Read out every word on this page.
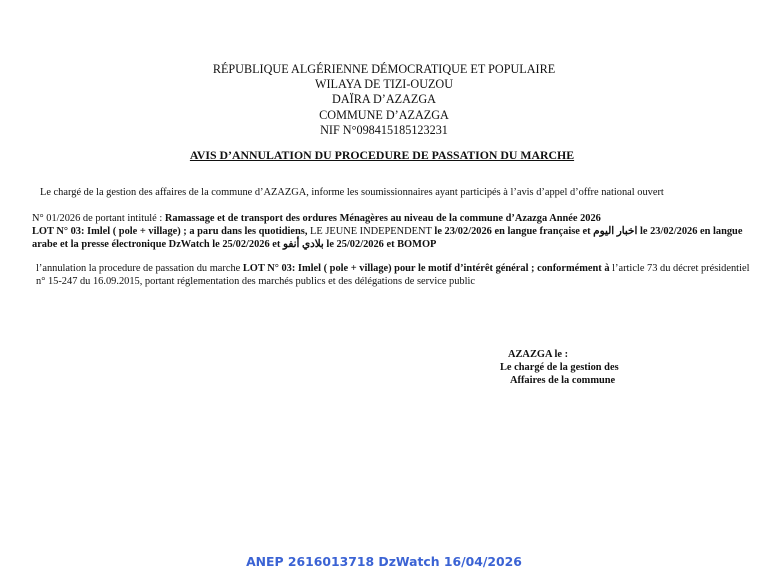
RÉPUBLIQUE ALGÉRIENNE DÉMOCRATIQUE ET POPULAIRE
WILAYA DE TIZI-OUZOU
DAÏRA D’AZAZGA
COMMUNE D’AZAZGA
NIF N°098415185123231
AVIS D’ANNULATION DU PROCEDURE DE PASSATION DU MARCHE
Le chargé de la gestion des affaires de la commune d’AZAZGA, informe les soumissionnaires ayant participés à l’avis d’appel d’offre national ouvert
N° 01/2026 de portant intitulé : Ramassage et de transport des ordures Ménagères au niveau de la commune d’Azazga Année 2026
LOT N° 03: Imlel ( pole + village) ; a paru dans les quotidiens, LE JEUNE INDEPENDENT le 23/02/2026 en langue française et اخبار اليوم le 23/02/2026 en langue arabe et la presse électronique DzWatch le 25/02/2026 et بلادي أنفو le 25/02/2026 et BOMOP
l’annulation la procedure de passation du marche LOT N° 03: Imlel ( pole + village) pour le motif d’intérêt général ; conformément à l’article 73 du décret présidentiel n° 15-247 du 16.09.2015, portant réglementation des marchés publics et des délégations de service public
AZAZGA le :
Le chargé de la gestion des
Affaires de la commune
ANEP 2616013718 DzWatch 16/04/2026
